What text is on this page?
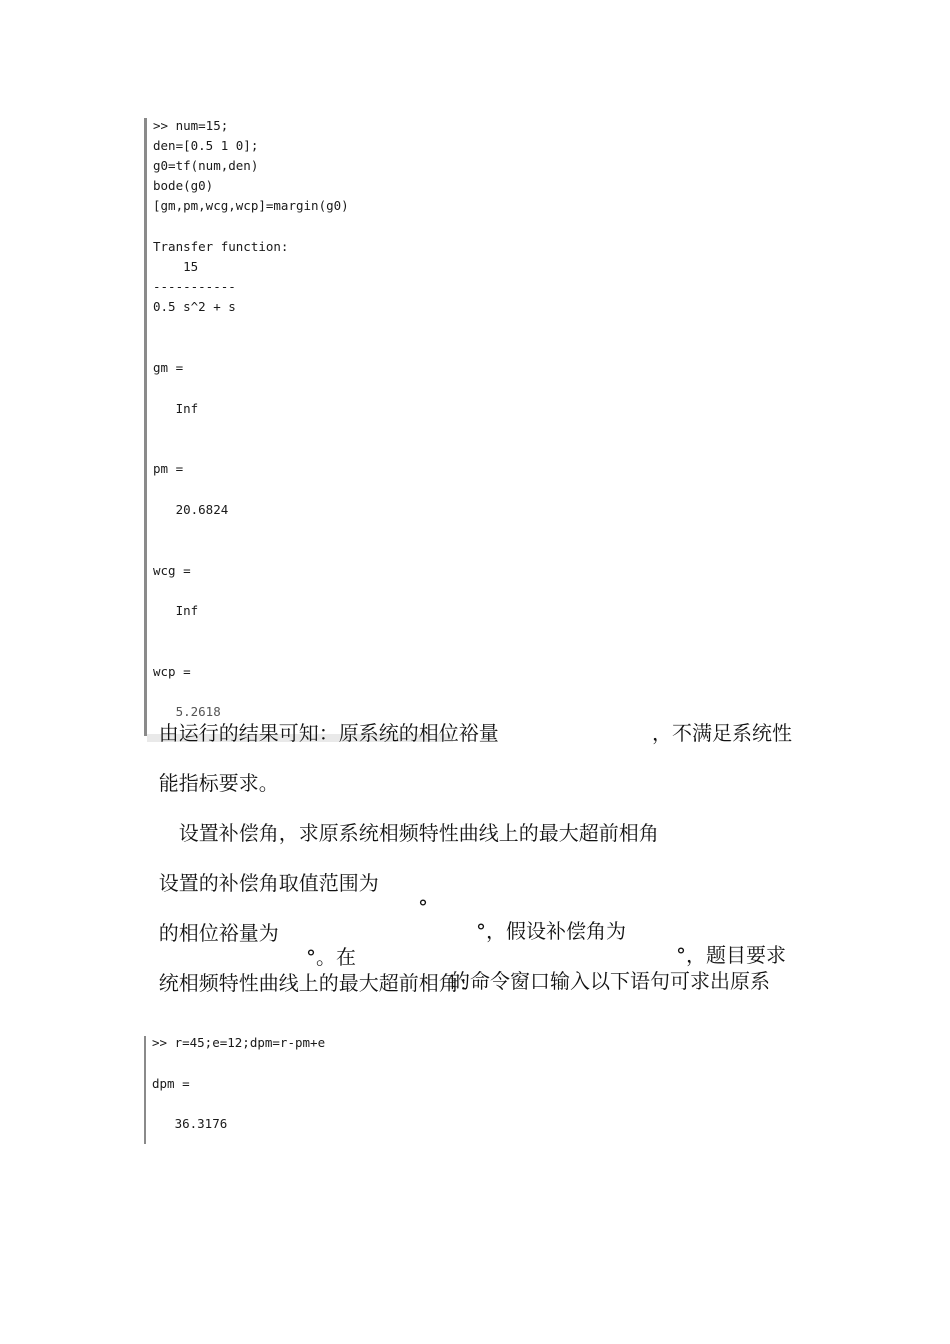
>> num=15;
den=[0.5 1 0];
g0=tf(num,den)
bode(g0)
[gm,pm,wcg,wcp]=margin(g0)
Transfer function:
15
-----------
0.5 s^2 + s
gm =
Inf
pm =
20.6824
wcg =
Inf
wcp =
5.2618

由运行的结果可知：原系统的相位裕量	，不满足系统性

能指标要求。

设置补偿角，求原系统相频特性曲线上的最大超前相角

设置的补偿角取值范围为

°

°，假设补偿角为

°，题目要求

的相位裕量为

°。在

的命令窗口输入以下语句可求出原系

统相频特性曲线上的最大超前相角：

>> r=45;e=12;dpm=r-pm+e
dpm =
36.3176
